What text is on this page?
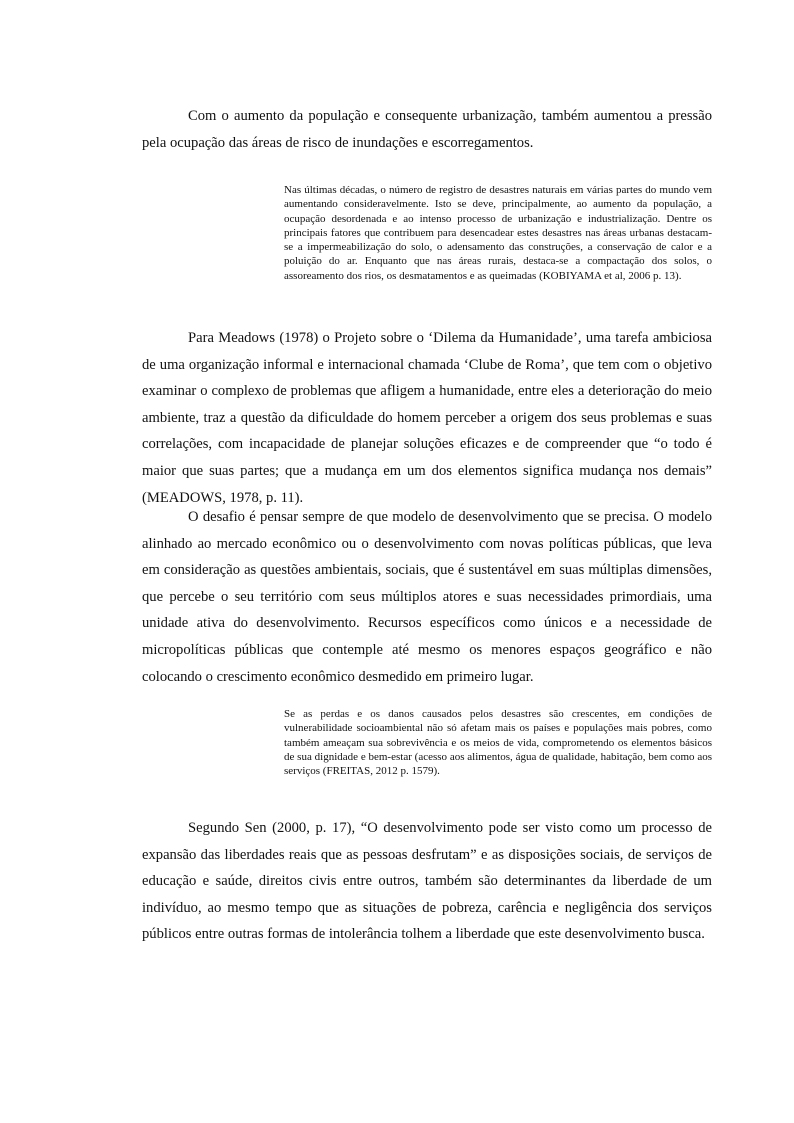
Com o aumento da população e consequente urbanização, também aumentou a pressão pela ocupação das áreas de risco de inundações e escorregamentos.

Nas últimas décadas, o número de registro de desastres naturais em várias partes do mundo vem aumentando consideravelmente. Isto se deve, principalmente, ao aumento da população, a ocupação desordenada e ao intenso processo de urbanização e industrialização. Dentre os principais fatores que contribuem para desencadear estes desastres nas áreas urbanas destacam-se a impermeabilização do solo, o adensamento das construções, a conservação de calor e a poluição do ar. Enquanto que nas áreas rurais, destaca-se a compactação dos solos, o assoreamento dos rios, os desmatamentos e as queimadas (KOBIYAMA et al, 2006 p. 13).

Para Meadows (1978) o Projeto sobre o ‘Dilema da Humanidade’, uma tarefa ambiciosa de uma organização informal e internacional chamada ‘Clube de Roma’, que tem com o objetivo examinar o complexo de problemas que afligem a humanidade, entre eles a deterioração do meio ambiente, traz a questão da dificuldade do homem perceber a origem dos seus problemas e suas correlações, com incapacidade de planejar soluções eficazes e de compreender que “o todo é maior que suas partes; que a mudança em um dos elementos significa mudança nos demais” (MEADOWS, 1978, p. 11).

O desafio é pensar sempre de que modelo de desenvolvimento que se precisa. O modelo alinhado ao mercado econômico ou o desenvolvimento com novas políticas públicas, que leva em consideração as questões ambientais, sociais, que é sustentável em suas múltiplas dimensões, que percebe o seu território com seus múltiplos atores e suas necessidades primordiais, uma unidade ativa do desenvolvimento. Recursos específicos como únicos e a necessidade de micropolíticas públicas que contemple até mesmo os menores espaços geográfico e não colocando o crescimento econômico desmedido em primeiro lugar.

Se as perdas e os danos causados pelos desastres são crescentes, em condições de vulnerabilidade socioambiental não só afetam mais os países e populações mais pobres, como também ameaçam sua sobrevivência e os meios de vida, comprometendo os elementos básicos de sua dignidade e bem-estar (acesso aos alimentos, água de qualidade, habitação, bem como aos serviços (FREITAS, 2012 p. 1579).

Segundo Sen (2000, p. 17), “O desenvolvimento pode ser visto como um processo de expansão das liberdades reais que as pessoas desfrutam” e as disposições sociais, de serviços de educação e saúde, direitos civis entre outros, também são determinantes da liberdade de um indivíduo, ao mesmo tempo que as situações de pobreza, carência e negligência dos serviços públicos entre outras formas de intolerância tolhem a liberdade que este desenvolvimento busca.
